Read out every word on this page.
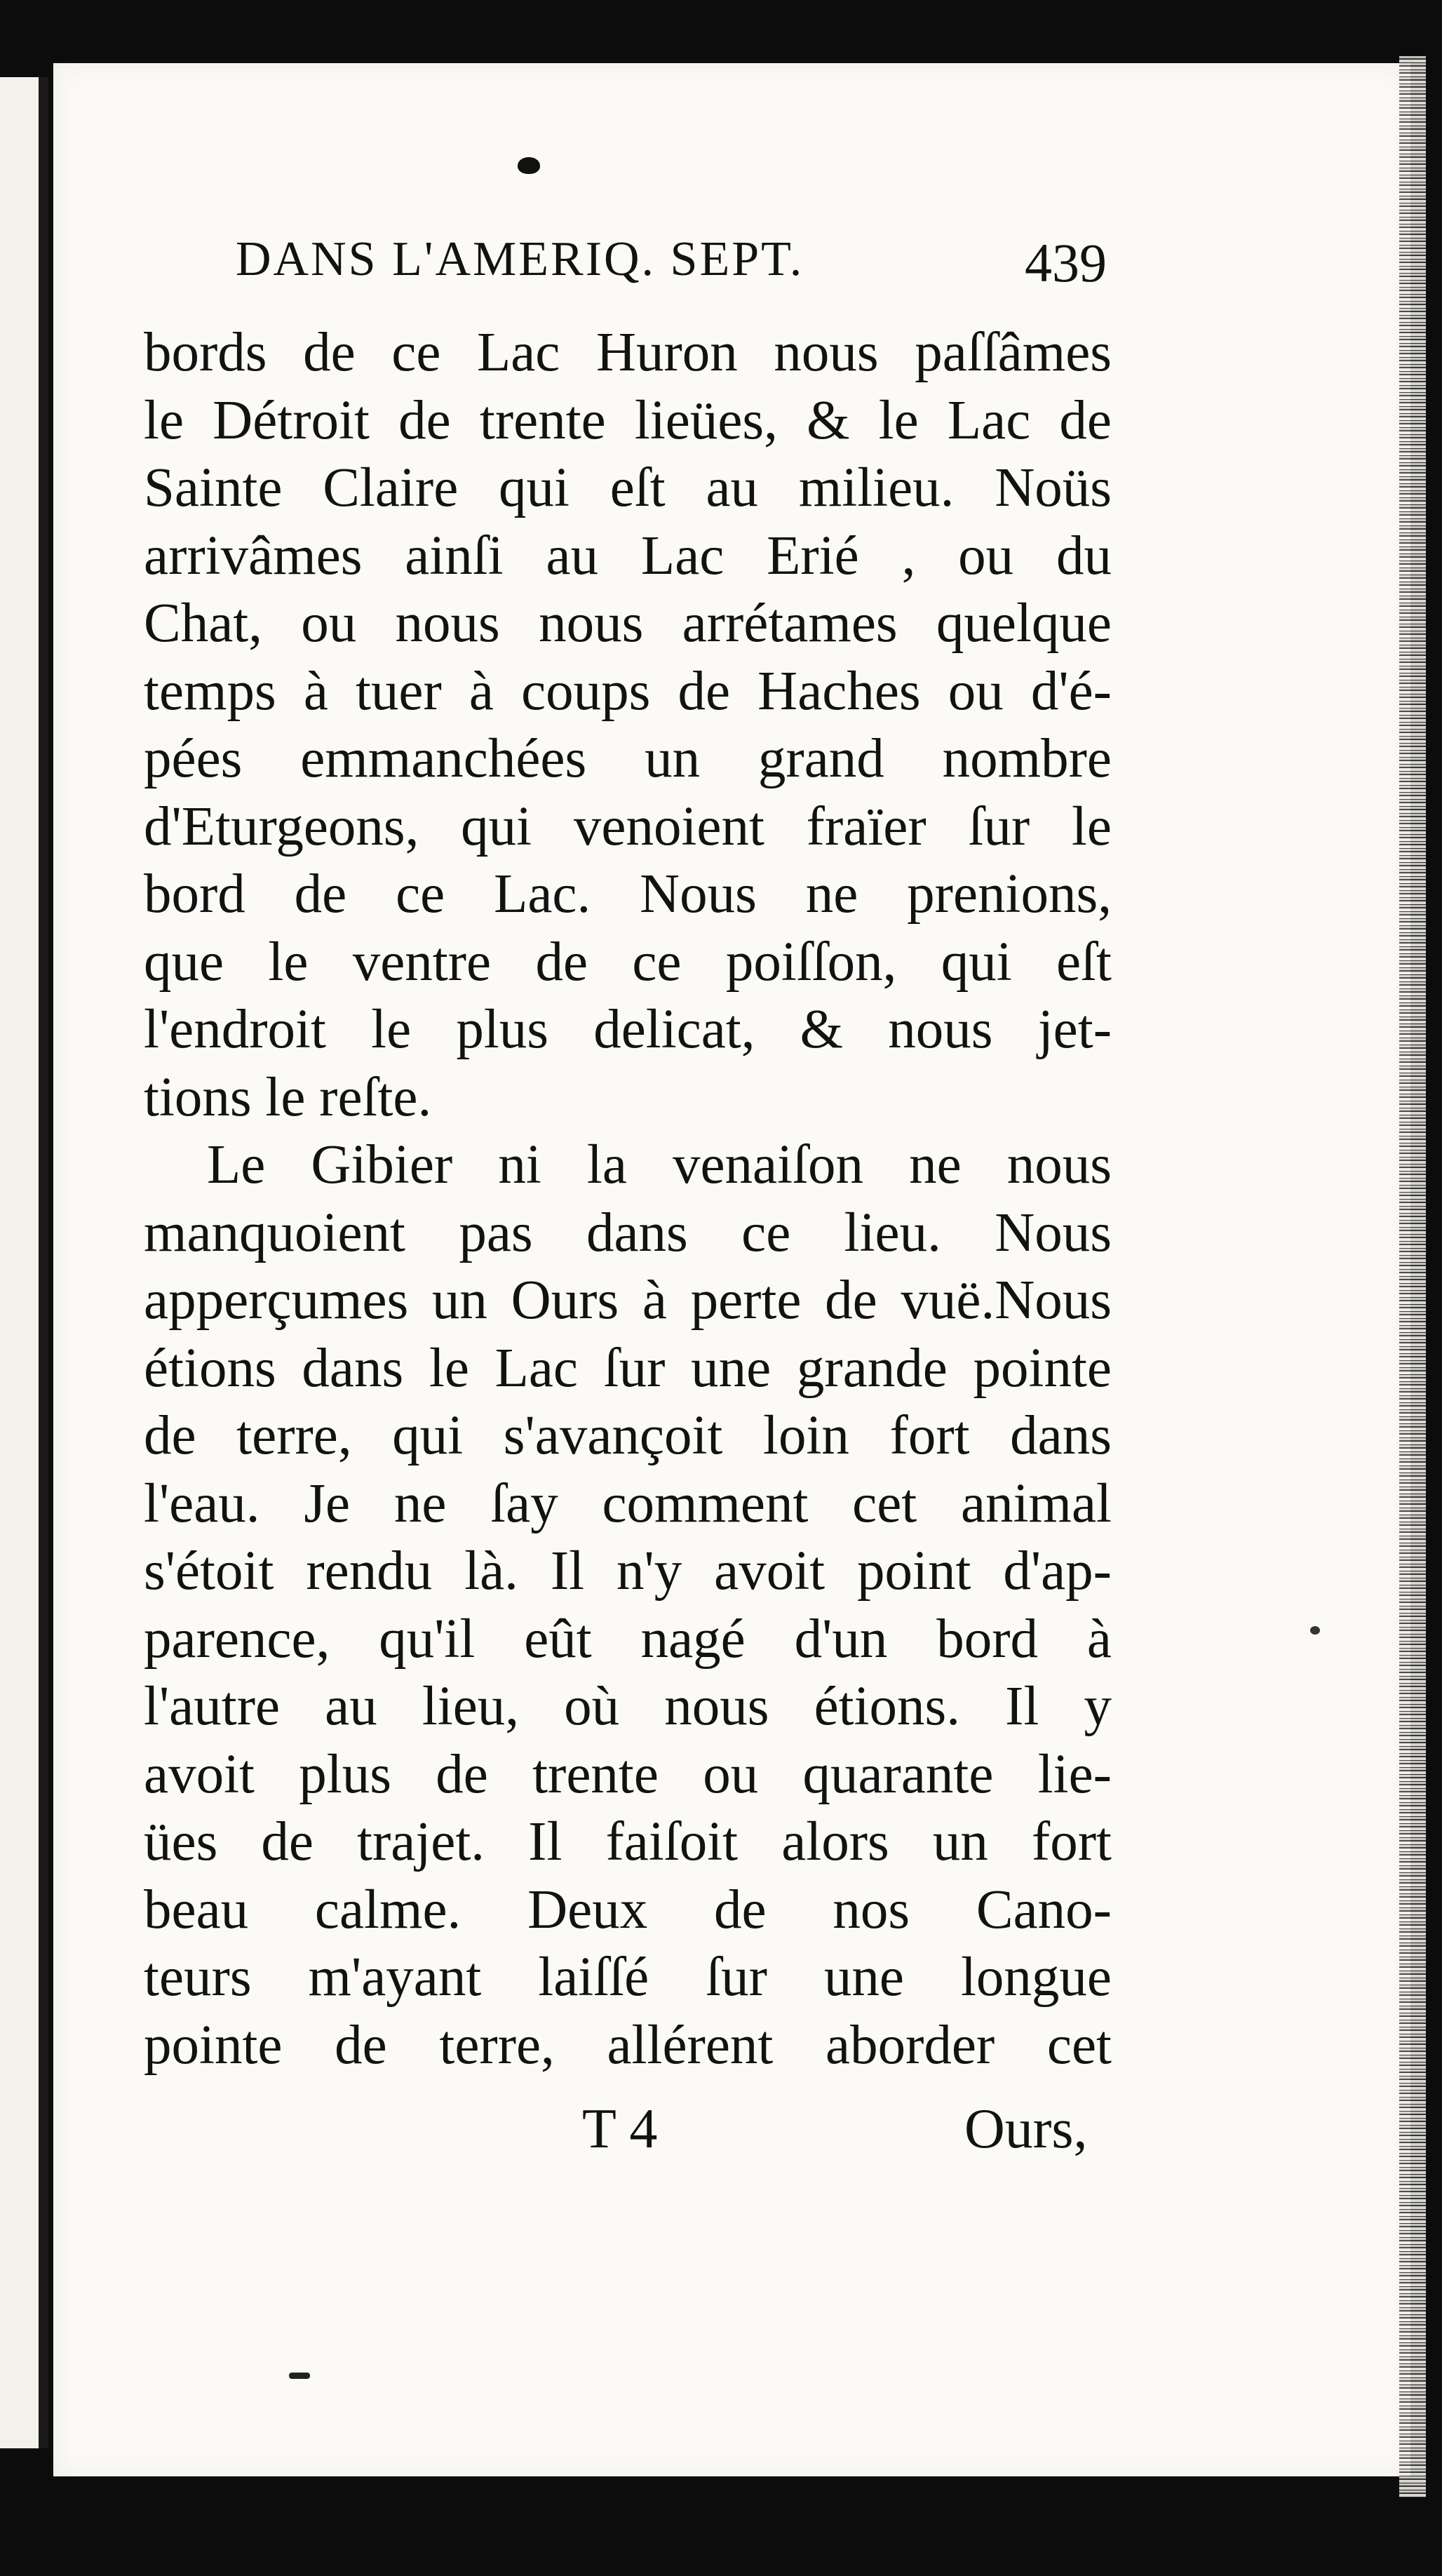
DANS L'AMERIQ. SEPT.	439
bords de ce Lac Huron nous paſſâmes
le Détroit de trente lieües, & le Lac de
Sainte Claire qui eſt au milieu. Noüs
arrivâmes ainſi au Lac Erié , ou du
Chat, ou nous nous arrétames quelque
temps à tuer à coups de Haches ou d'é-
pées emmanchées un grand nombre
d'Eturgeons, qui venoient fraïer ſur le
bord de ce Lac. Nous ne prenions,
que le ventre de ce poiſſon, qui eſt
l'endroit le plus delicat, & nous jet-
tions le reſte.
Le Gibier ni la venaiſon ne nous
manquoient pas dans ce lieu. Nous
apperçumes un Ours à perte de vuë.Nous
étions dans le Lac ſur une grande pointe
de terre, qui s'avançoit loin fort dans
l'eau. Je ne ſay comment cet animal
s'étoit rendu là. Il n'y avoit point d'ap-
parence, qu'il eût nagé d'un bord à
l'autre au lieu, où nous étions. Il y
avoit plus de trente ou quarante lie-
ües de trajet. Il faiſoit alors un fort
beau calme. Deux de nos Cano-
teurs m'ayant laiſſé ſur une longue
pointe de terre, allérent aborder cet
T 4	Ours,
